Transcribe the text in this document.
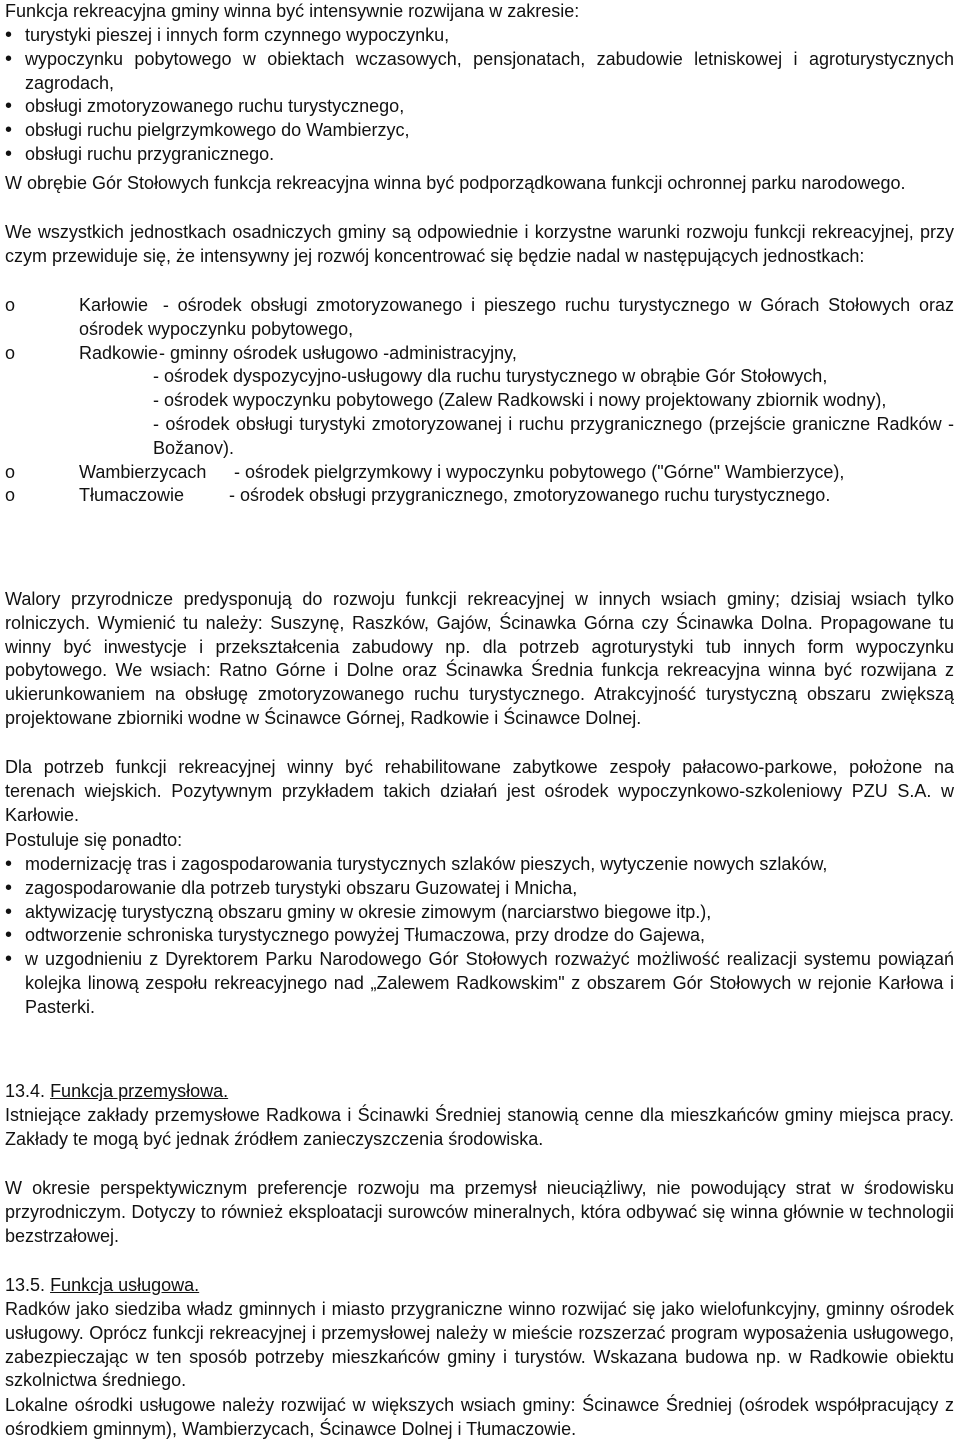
Funkcja rekreacyjna gminy winna być intensywnie rozwijana w zakresie:

• turystyki pieszej i innych form czynnego wypoczynku,
• wypoczynku pobytowego w obiektach wczasowych, pensjonatach, zabudowie letniskowej i agroturystycznych zagrodach,
• obsługi zmotoryzowanego ruchu turystycznego,
• obsługi ruchu pielgrzymkowego do Wambierzyc,
• obsługi ruchu przygranicznego.

W obrębie Gór Stołowych funkcja rekreacyjna winna być podporządkowana funkcji ochronnej parku narodowego.

We wszystkich jednostkach osadniczych gminy są odpowiednie i korzystne warunki rozwoju funkcji rekreacyjnej, przy czym przewiduje się, że intensywny jej rozwój koncentrować się będzie nadal w następujących jednostkach:

o	Karłowie - ośrodek obsługi zmotoryzowanego i pieszego ruchu turystycznego w Górach Stołowych oraz ośrodek wypoczynku pobytowego,
o	Radkowie - gminny ośrodek usługowo -administracyjny,

- ośrodek dyspozycyjno-usługowy dla ruchu turystycznego w obrąbie Gór Stołowych,

- ośrodek wypoczynku pobytowego (Zalew Radkowski i nowy projektowany zbiornik wodny),

- ośrodek obsługi turystyki zmotoryzowanej i ruchu przygranicznego (przejście graniczne Radków - Božanov).

o	Wambierzycach - ośrodek pielgrzymkowy i wypoczynku pobytowego ("Górne" Wambierzyce),
o	Tłumaczowie - ośrodek obsługi przygranicznego, zmotoryzowanego ruchu turystycznego.

Walory przyrodnicze predysponują do rozwoju funkcji rekreacyjnej w innych wsiach gminy; dzisiaj wsiach tylko rolniczych. Wymienić tu należy: Suszynę, Raszków, Gajów, Ścinawka Górna czy Ścinawka Dolna. Propagowane tu winny być inwestycje i przekształcenia zabudowy np. dla potrzeb agroturystyki tub innych form wypoczynku pobytowego. We wsiach: Ratno Górne i Dolne oraz Ścinawka Średnia funkcja rekreacyjna winna być rozwijana z ukierunkowaniem na obsługę zmotoryzowanego ruchu turystycznego. Atrakcyjność turystyczną obszaru zwiększą projektowane zbiorniki wodne w Ścinawce Górnej, Radkowie i Ścinawce Dolnej.

Dla potrzeb funkcji rekreacyjnej winny być rehabilitowane zabytkowe zespoły pałacowo-parkowe, położone na terenach wiejskich. Pozytywnym przykładem takich działań jest ośrodek wypoczynkowo-szkoleniowy PZU S.A. w Karłowie.

Postuluje się ponadto:

• modernizację tras i zagospodarowania turystycznych szlaków pieszych, wytyczenie nowych szlaków,
• zagospodarowanie dla potrzeb turystyki obszaru Guzowatej i Mnicha,
• aktywizację turystyczną obszaru gminy w okresie zimowym (narciarstwo biegowe itp.),
• odtworzenie schroniska turystycznego powyżej Tłumaczowa, przy drodze do Gajewa,
• w uzgodnieniu z Dyrektorem Parku Narodowego Gór Stołowych rozważyć możliwość realizacji systemu powiązań kolejka linową zespołu rekreacyjnego nad „Zalewem Radkowskim" z obszarem Gór Stołowych w rejonie Karłowa i Pasterki.

13.4. Funkcja przemysłowa.

Istniejące zakłady przemysłowe Radkowa i Ścinawki Średniej stanowią cenne dla mieszkańców gminy miejsca pracy. Zakłady te mogą być jednak źródłem zanieczyszczenia środowiska.

W okresie perspektywicznym preferencje rozwoju ma przemysł nieuciążliwy, nie powodujący strat w środowisku przyrodniczym. Dotyczy to również eksploatacji surowców mineralnych, która odbywać się winna głównie w technologii bezstrzałowej.

13.5. Funkcja usługowa.

Radków jako siedziba władz gminnych i miasto przygraniczne winno rozwijać się jako wielofunkcyjny, gminny ośrodek usługowy. Oprócz funkcji rekreacyjnej i przemysłowej należy w mieście rozszerzać program wyposażenia usługowego, zabezpieczając w ten sposób potrzeby mieszkańców gminy i turystów. Wskazana budowa np. w Radkowie obiektu szkolnictwa średniego.

Lokalne ośrodki usługowe należy rozwijać w większych wsiach gminy: Ścinawce Średniej (ośrodek współpracujący z ośrodkiem gminnym), Wambierzycach, Ścinawce Dolnej i Tłumaczowie.
